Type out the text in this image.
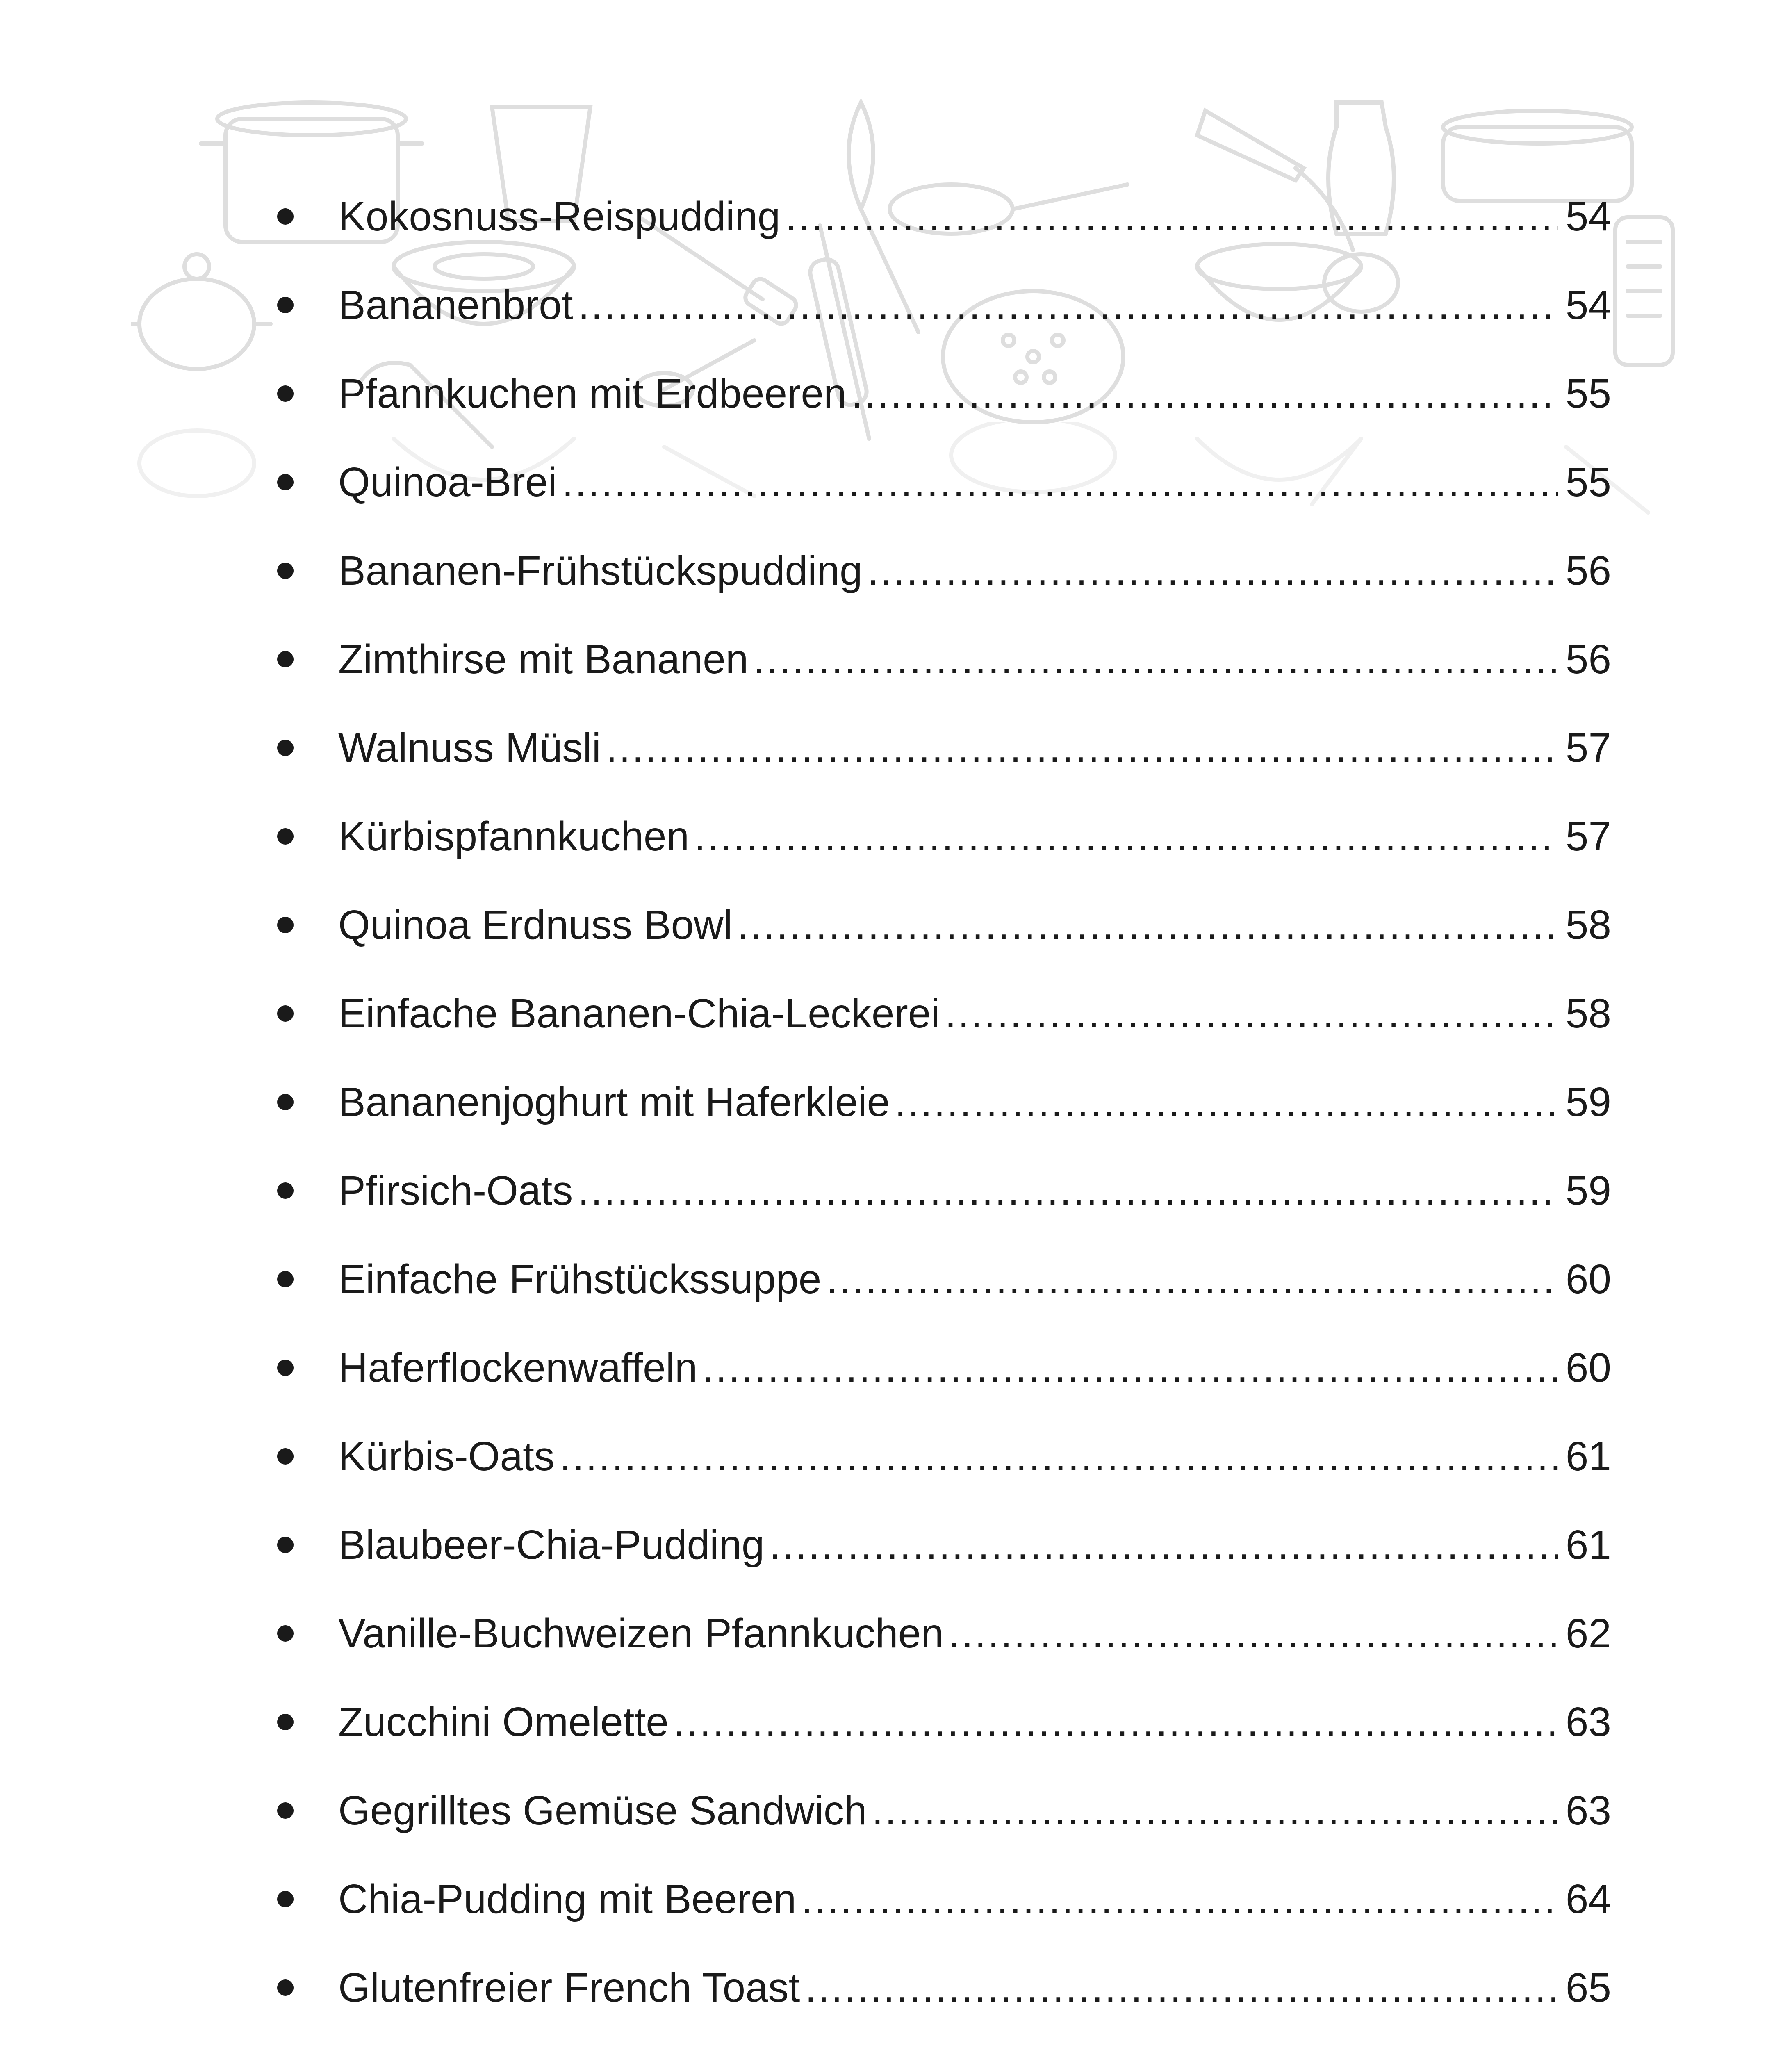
Kokosnuss-Reispudding .....	54
Bananenbrot .....	54
Pfannkuchen mit Erdbeeren .....	55
Quinoa-Brei .....	55
Bananen-Frühstückspudding .....	56
Zimthirse mit Bananen .....	56
Walnuss Müsli .....	57
Kürbispfannkuchen .....	57
Quinoa Erdnuss Bowl .....	58
Einfache Bananen-Chia-Leckerei .....	58
Bananenjoghurt mit Haferkleie .....	59
Pfirsich-Oats .....	59
Einfache Frühstückssuppe .....	60
Haferflockenwaffeln .....	60
Kürbis-Oats .....	61
Blaubeer-Chia-Pudding .....	61
Vanille-Buchweizen Pfannkuchen .....	62
Zucchini Omelette .....	63
Gegrilltes Gemüse Sandwich .....	63
Chia-Pudding mit Beeren .....	64
Glutenfreier French Toast .....	65
